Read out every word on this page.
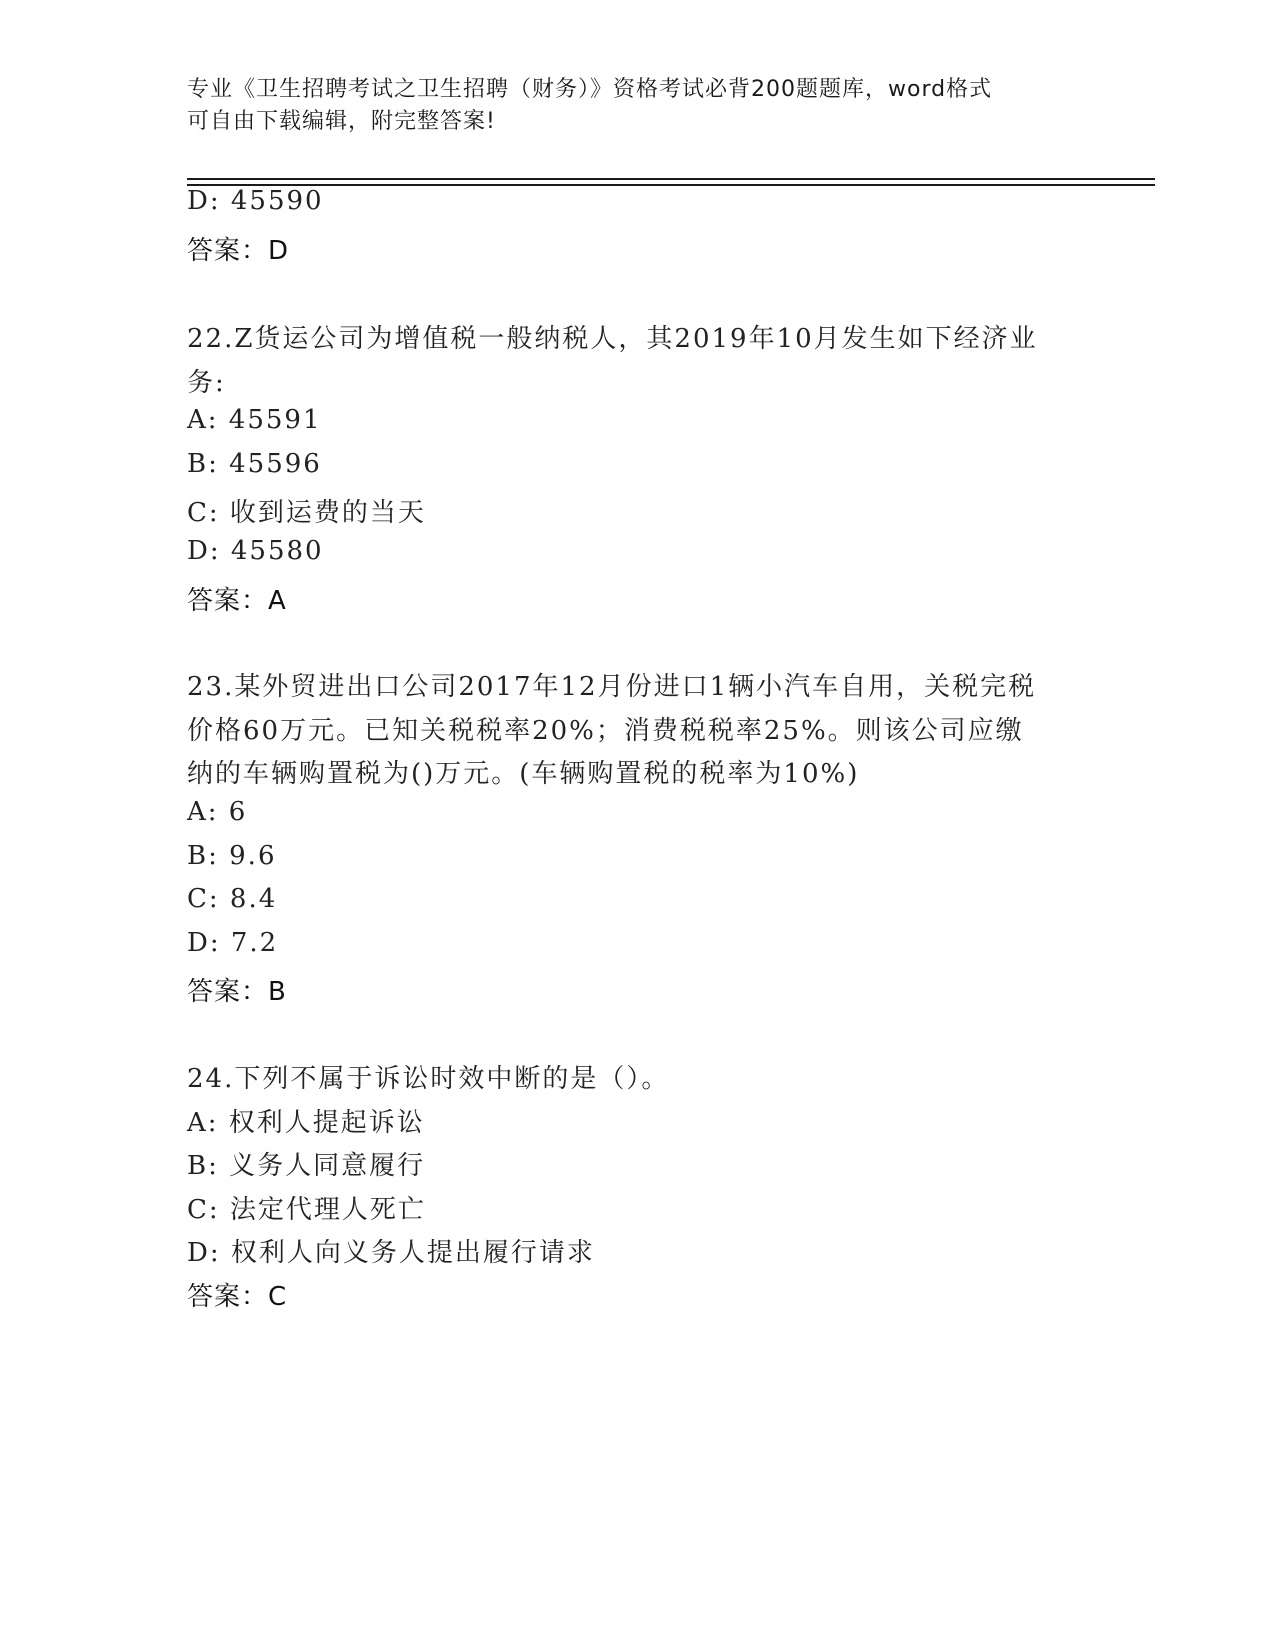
专业《卫生招聘考试之卫生招聘（财务）》资格考试必背200题题库，word格式
可自由下载编辑，附完整答案!
D: 45590
答案：D
22.Z货运公司为增值税一般纳税人，其2019年10月发生如下经济业
务:
A: 45591
B: 45596
C: 收到运费的当天
D: 45580
答案：A
23.某外贸进出口公司2017年12月份进口1辆小汽车自用，关税完税
价格60万元。已知关税税率20%；消费税税率25%。则该公司应缴
纳的车辆购置税为()万元。(车辆购置税的税率为10%)
A: 6
B: 9.6
C: 8.4
D: 7.2
答案：B
24.下列不属于诉讼时效中断的是（）。
A: 权利人提起诉讼
B: 义务人同意履行
C: 法定代理人死亡
D: 权利人向义务人提出履行请求
答案：C
